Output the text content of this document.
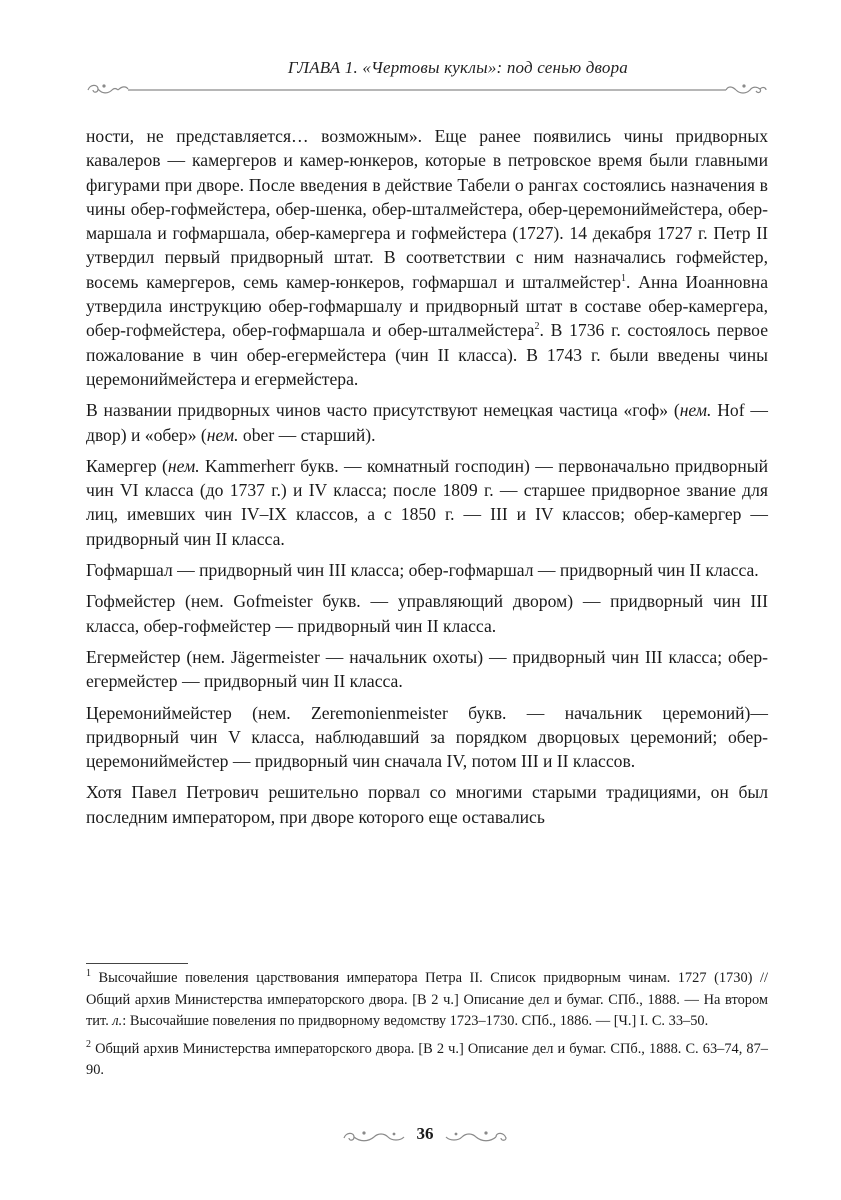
ГЛАВА 1. «Чертовы куклы»: под сенью двора

ности, не представляется… возможным». Еще ранее появились чины придворных кавалеров — камергеров и камер-юнкеров, которые в петровское время были главными фигурами при дворе. После введения в действие Табели о рангах состоялись назначения в чины обер-гофмейстера, обер-шенка, обер-шталмейстера, обер-церемониймейстера, обер-маршала и гофмаршала, обер-камергера и гофмейстера (1727). 14 декабря 1727 г. Петр II утвердил первый придворный штат. В соответствии с ним назначались гофмейстер, восемь камергеров, семь камер-юнкеров, гофмаршал и шталмейстер$^1$. Анна Иоанновна утвердила инструкцию обер-гофмаршалу и придворный штат в составе обер-камергера, обер-гофмейстера, обер-гофмаршала и обер-шталмейстера$^2$. В 1736 г. состоялось первое пожалование в чин обер-егермейстера (чин II класса). В 1743 г. были введены чины церемониймейстера и егермейстера.

В названии придворных чинов часто присутствуют немецкая частица «гоф» (нем. Hof — двор) и «обер» (нем. ober — старший).

Камергер (нем. Kammerherr букв. — комнатный господин) — первоначально придворный чин VI класса (до 1737 г.) и IV класса; после 1809 г. — старшее придворное звание для лиц, имевших чин IV–IX классов, а с 1850 г. — III и IV классов; обер-камергер — придворный чин II класса.

Гофмаршал — придворный чин III класса; обер-гофмаршал — придворный чин II класса.

Гофмейстер (нем. Gofmeister букв. — управляющий двором) — придворный чин III класса, обер-гофмейстер — придворный чин II класса.

Егермейстер (нем. Jägermeister — начальник охоты) — придворный чин III класса; обер-егермейстер — придворный чин II класса.

Церемониймейстер (нем. Zeremonienmeister букв. — начальник церемоний)— придворный чин V класса, наблюдавший за порядком дворцовых церемоний; обер-церемониймейстер — придворный чин сначала IV, потом III и II классов.

Хотя Павел Петрович решительно порвал со многими старыми традициями, он был последним императором, при дворе которого еще оставались

$^1$ Высочайшие повеления царствования императора Петра II. Список придворным чинам. 1727 (1730) // Общий архив Министерства императорского двора. [В 2 ч.] Описание дел и бумаг. СПб., 1888. — На втором тит. л.: Высочайшие повеления по придворному ведомству 1723–1730. СПб., 1886. — [Ч.] I. С. 33–50.

$^2$ Общий архив Министерства императорского двора. [В 2 ч.] Описание дел и бумаг. СПб., 1888. С. 63–74, 87–90.

36
